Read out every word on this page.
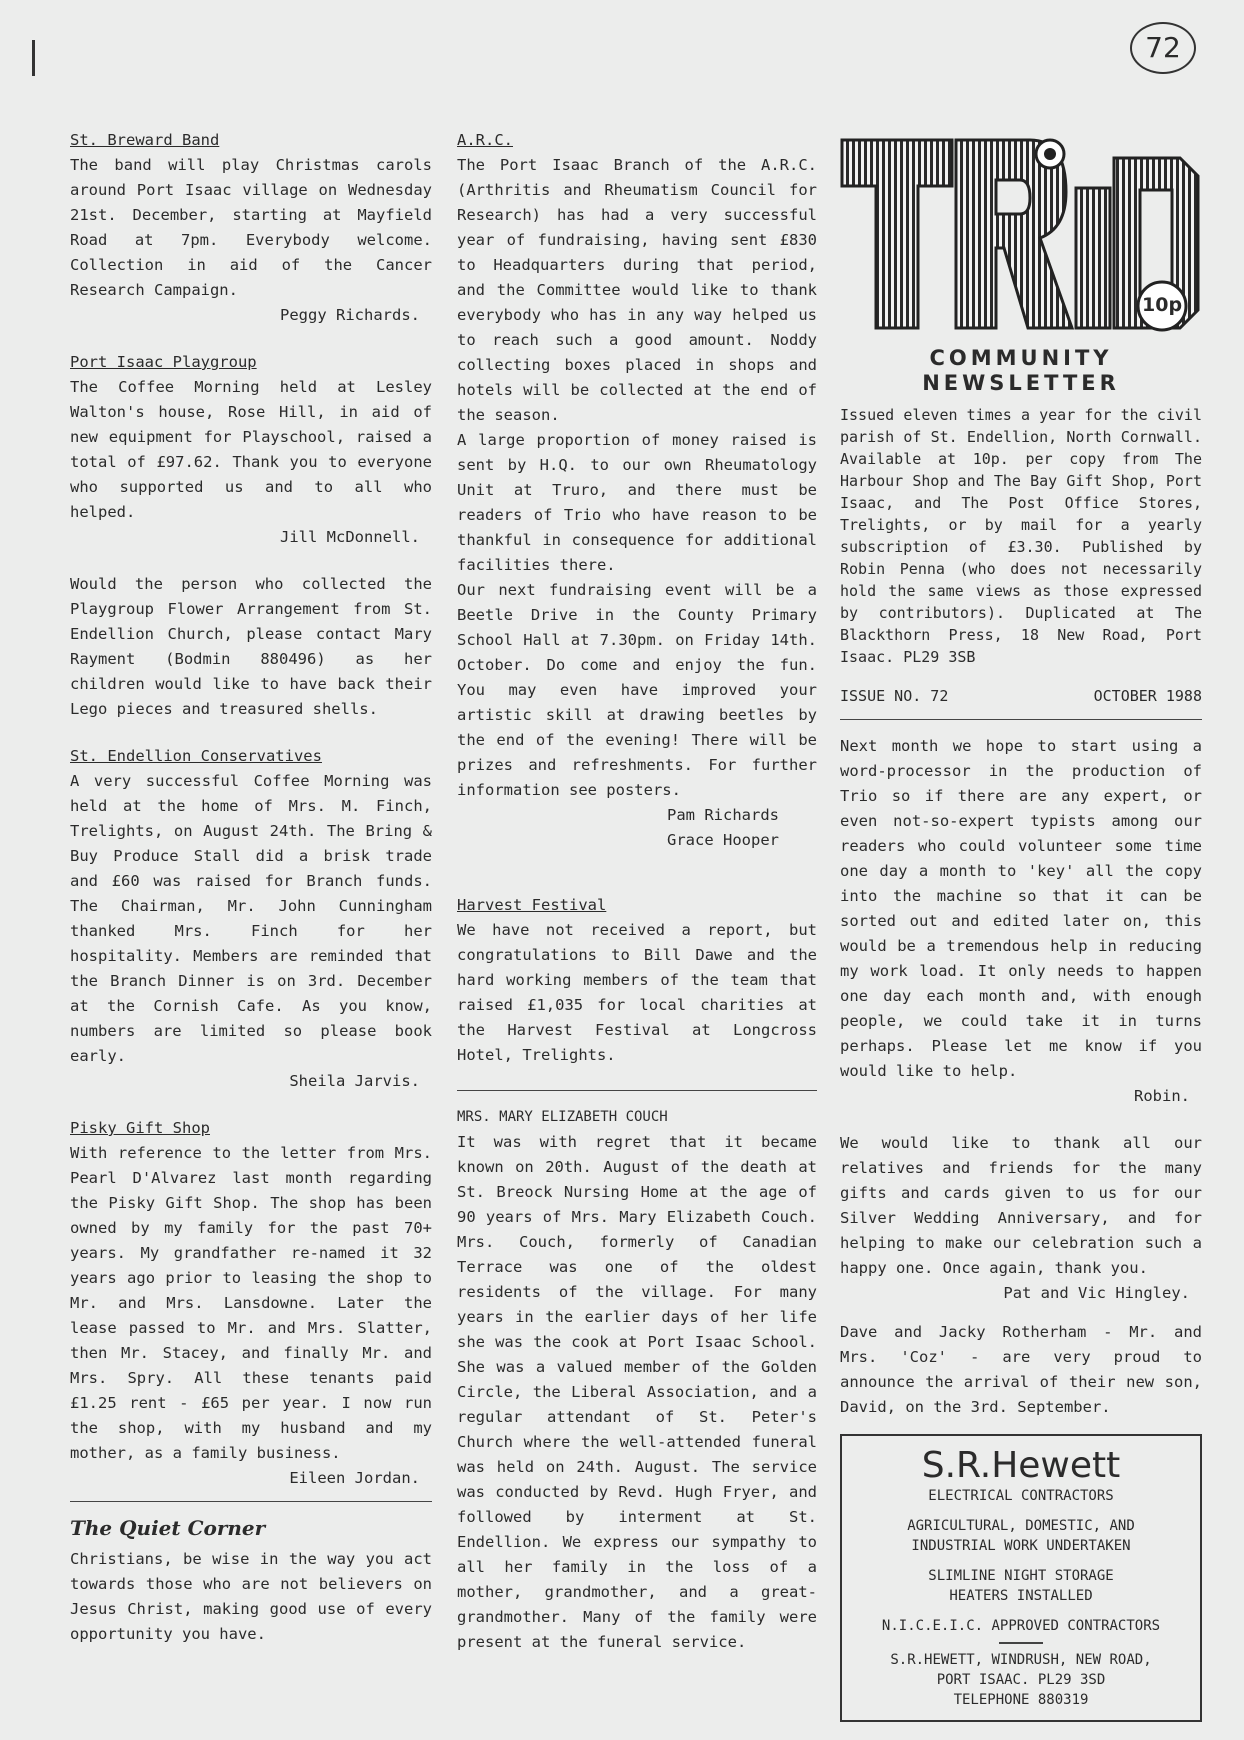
72
St. Breward Band
The band will play Christmas carols around Port Isaac village on Wednesday 21st. December, starting at Mayfield Road at 7pm. Everybody welcome. Collection in aid of the Cancer Research Campaign.
Peggy Richards.
Port Isaac Playgroup
The Coffee Morning held at Lesley Walton's house, Rose Hill, in aid of new equipment for Playschool, raised a total of £97.62. Thank you to everyone who supported us and to all who helped.
Jill McDonnell.
Would the person who collected the Playgroup Flower Arrangement from St. Endellion Church, please contact Mary Rayment (Bodmin 880496) as her children would like to have back their Lego pieces and treasured shells.
St. Endellion Conservatives
A very successful Coffee Morning was held at the home of Mrs. M. Finch, Trelights, on August 24th. The Bring & Buy Produce Stall did a brisk trade and £60 was raised for Branch funds. The Chairman, Mr. John Cunningham thanked Mrs. Finch for her hospitality. Members are reminded that the Branch Dinner is on 3rd. December at the Cornish Cafe. As you know, numbers are limited so please book early.
Sheila Jarvis.
Pisky Gift Shop
With reference to the letter from Mrs. Pearl D'Alvarez last month regarding the Pisky Gift Shop. The shop has been owned by my family for the past 70+ years. My grandfather re-named it 32 years ago prior to leasing the shop to Mr. and Mrs. Lansdowne. Later the lease passed to Mr. and Mrs. Slatter, then Mr. Stacey, and finally Mr. and Mrs. Spry. All these tenants paid £1.25 rent - £65 per year. I now run the shop, with my husband and my mother, as a family business.
Eileen Jordan.
The Quiet Corner
Christians, be wise in the way you act towards those who are not believers on Jesus Christ, making good use of every opportunity you have.
A.R.C.
The Port Isaac Branch of the A.R.C. (Arthritis and Rheumatism Council for Research) has had a very successful year of fundraising, having sent £830 to Headquarters during that period, and the Committee would like to thank everybody who has in any way helped us to reach such a good amount. Noddy collecting boxes placed in shops and hotels will be collected at the end of the season.
A large proportion of money raised is sent by H.Q. to our own Rheumatology Unit at Truro, and there must be readers of Trio who have reason to be thankful in consequence for additional facilities there.
Our next fundraising event will be a Beetle Drive in the County Primary School Hall at 7.30pm. on Friday 14th. October. Do come and enjoy the fun. You may even have improved your artistic skill at drawing beetles by the end of the evening! There will be prizes and refreshments. For further information see posters.
Pam Richards
Grace Hooper
Harvest Festival
We have not received a report, but congratulations to Bill Dawe and the hard working members of the team that raised £1,035 for local charities at the Harvest Festival at Longcross Hotel, Trelights.
MRS. MARY ELIZABETH COUCH
It was with regret that it became known on 20th. August of the death at St. Breock Nursing Home at the age of 90 years of Mrs. Mary Elizabeth Couch. Mrs. Couch, formerly of Canadian Terrace was one of the oldest residents of the village. For many years in the earlier days of her life she was the cook at Port Isaac School. She was a valued member of the Golden Circle, the Liberal Association, and a regular attendant of St. Peter's Church where the well-attended funeral was held on 24th. August. The service was conducted by Revd. Hugh Fryer, and followed by interment at St. Endellion. We express our sympathy to all her family in the loss of a mother, grandmother, and a great-grandmother. Many of the family were present at the funeral service.
10p
COMMUNITY NEWSLETTER
Issued eleven times a year for the civil parish of St. Endellion, North Cornwall. Available at 10p. per copy from The Harbour Shop and The Bay Gift Shop, Port Isaac, and The Post Office Stores, Trelights, or by mail for a yearly subscription of £3.30. Published by Robin Penna (who does not necessarily hold the same views as those expressed by contributors). Duplicated at The Blackthorn Press, 18 New Road, Port Isaac. PL29 3SB
ISSUE NO. 72	OCTOBER 1988
Next month we hope to start using a word-processor in the production of Trio so if there are any expert, or even not-so-expert typists among our readers who could volunteer some time one day a month to 'key' all the copy into the machine so that it can be sorted out and edited later on, this would be a tremendous help in reducing my work load. It only needs to happen one day each month and, with enough people, we could take it in turns perhaps. Please let me know if you would like to help.
Robin.
We would like to thank all our relatives and friends for the many gifts and cards given to us for our Silver Wedding Anniversary, and for helping to make our celebration such a happy one. Once again, thank you.
Pat and Vic Hingley.
Dave and Jacky Rotherham - Mr. and Mrs. 'Coz' - are very proud to announce the arrival of their new son, David, on the 3rd. September.
S.R.Hewett
ELECTRICAL CONTRACTORS
AGRICULTURAL, DOMESTIC, AND
INDUSTRIAL WORK UNDERTAKEN
SLIMLINE NIGHT STORAGE
HEATERS INSTALLED
N.I.C.E.I.C. APPROVED CONTRACTORS
S.R.HEWETT, WINDRUSH, NEW ROAD,
PORT ISAAC. PL29 3SD
TELEPHONE 880319
